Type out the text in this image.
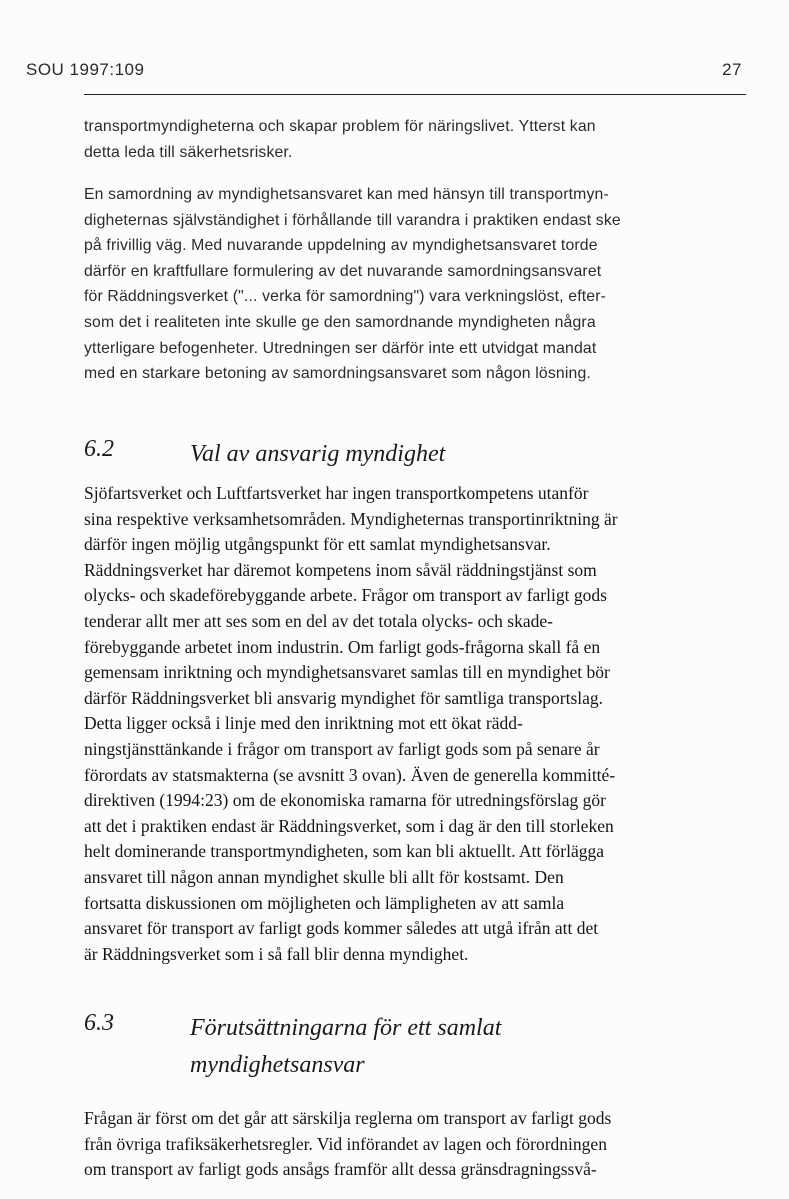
SOU 1997:109	27

transportmyndigheterna och skapar problem för näringslivet. Ytterst kan
detta leda till säkerhetsrisker.

En samordning av myndighetsansvaret kan med hänsyn till transportmyn-
digheternas självständighet i förhållande till varandra i praktiken endast ske
på frivillig väg. Med nuvarande uppdelning av myndighetsansvaret torde
därför en kraftfullare formulering av det nuvarande samordningsansvaret
för Räddningsverket ("... verka för samordning") vara verkningslöst, efter-
som det i realiteten inte skulle ge den samordnande myndigheten några
ytterligare befogenheter. Utredningen ser därför inte ett utvidgat mandat
med en starkare betoning av samordningsansvaret som någon lösning.

6.2	Val av ansvarig myndighet

Sjöfartsverket och Luftfartsverket har ingen transportkompetens utanför
sina respektive verksamhetsområden. Myndigheternas transportinriktning är
därför ingen möjlig utgångspunkt för ett samlat myndighetsansvar.
Räddningsverket har däremot kompetens inom såväl räddningstjänst som
olycks- och skadeförebyggande arbete. Frågor om transport av farligt gods
tenderar allt mer att ses som en del av det totala olycks- och skade-
förebyggande arbetet inom industrin. Om farligt gods-frågorna skall få en
gemensam inriktning och myndighetsansvaret samlas till en myndighet bör
därför Räddningsverket bli ansvarig myndighet för samtliga transportslag.
Detta ligger också i linje med den inriktning mot ett ökat rädd-
ningstjänsttänkande i frågor om transport av farligt gods som på senare år
förordats av statsmakterna (se avsnitt 3 ovan). Även de generella kommitté-
direktiven (1994:23) om de ekonomiska ramarna för utredningsförslag gör
att det i praktiken endast är Räddningsverket, som i dag är den till storleken
helt dominerande transportmyndigheten, som kan bli aktuellt. Att förlägga
ansvaret till någon annan myndighet skulle bli allt för kostsamt. Den
fortsatta diskussionen om möjligheten och lämpligheten av att samla
ansvaret för transport av farligt gods kommer således att utgå ifrån att det
är Räddningsverket som i så fall blir denna myndighet.

6.3	Förutsättningarna för ett samlat
myndighetsansvar

Frågan är först om det går att särskilja reglerna om transport av farligt gods
från övriga trafiksäkerhetsregler. Vid införandet av lagen och förordningen
om transport av farligt gods ansågs framför allt dessa gränsdragningssvå-
